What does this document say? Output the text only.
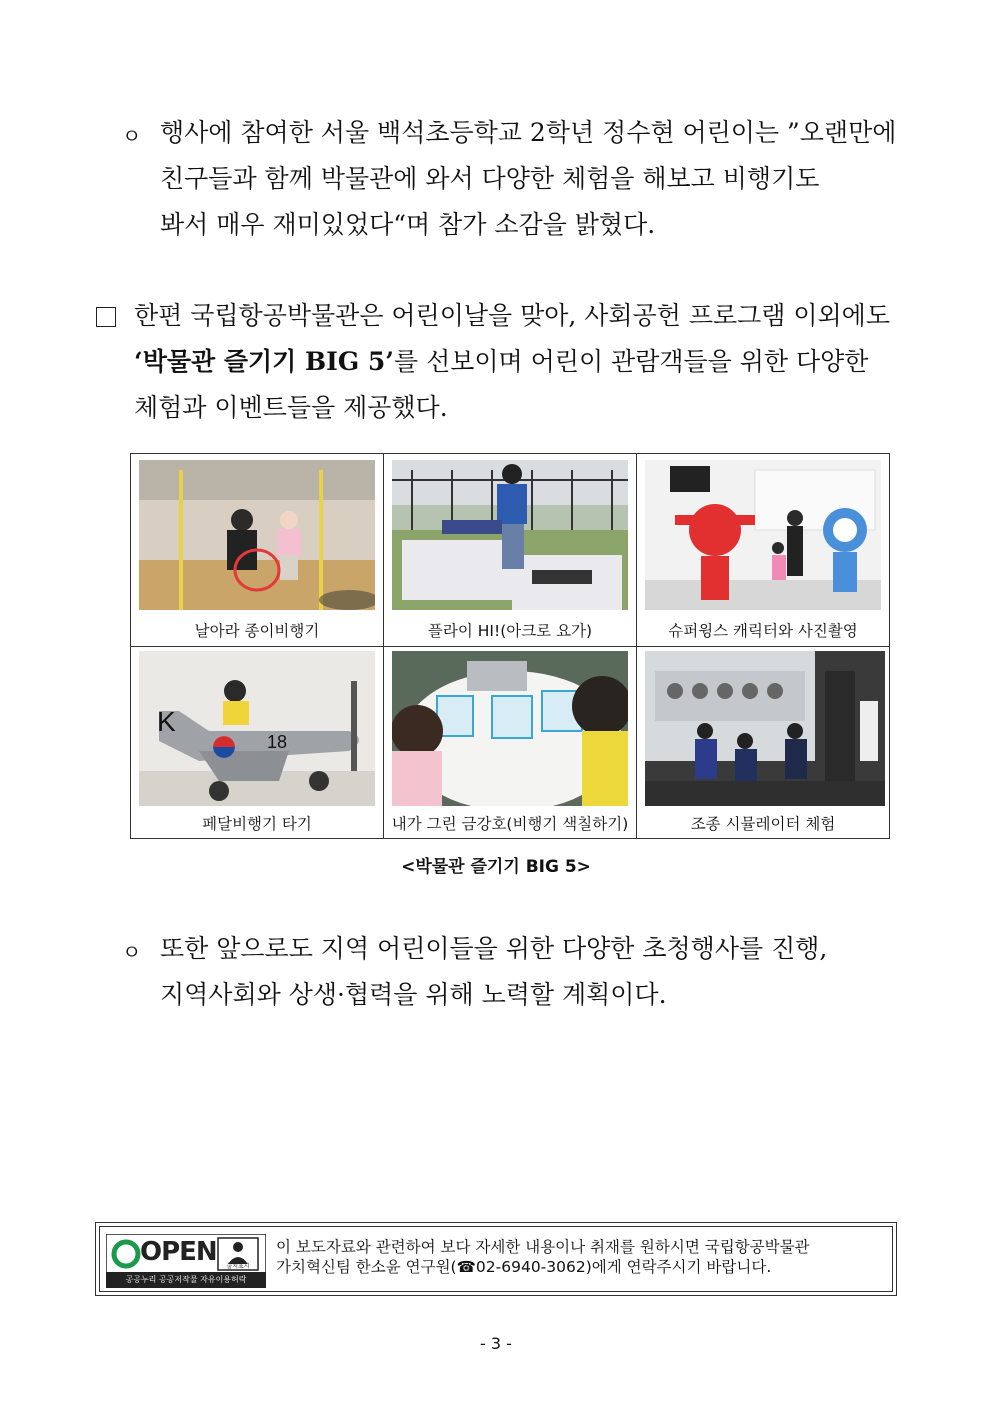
ㅇ 행사에 참여한 서울 백석초등학교 2학년 정수현 어린이는 ”오랜만에
친구들과 함께 박물관에 와서 다양한 체험을 해보고 비행기도
봐서 매우 재미있었다“며 참가 소감을 밝혔다.
한편 국립항공박물관은 어린이날을 맞아, 사회공헌 프로그램 이외에도
‘박물관 즐기기 BIG 5’를 선보이며 어린이 관람객들을 위한 다양한
체험과 이벤트들을 제공했다.
날아라 종이비행기	플라이 HI!(아크로 요가)	슈퍼윙스 캐릭터와 사진촬영
K
18
페달비행기 타기	내가 그린 금강호(비행기 색칠하기)	조종 시뮬레이터 체험
<박물관 즐기기 BIG 5>
ㅇ 또한 앞으로도 지역 어린이들을 위한 다양한 초청행사를 진행,
지역사회와 상생·협력을 위해 노력할 계획이다.
OPEN	출처표시
공공누리 공공저작물 자유이용허락
이 보도자료와 관련하여 보다 자세한 내용이나 취재를 원하시면 국립항공박물관
가치혁신팀 한소윤 연구원(☎02-6940-3062)에게 연락주시기 바랍니다.
- 3 -
